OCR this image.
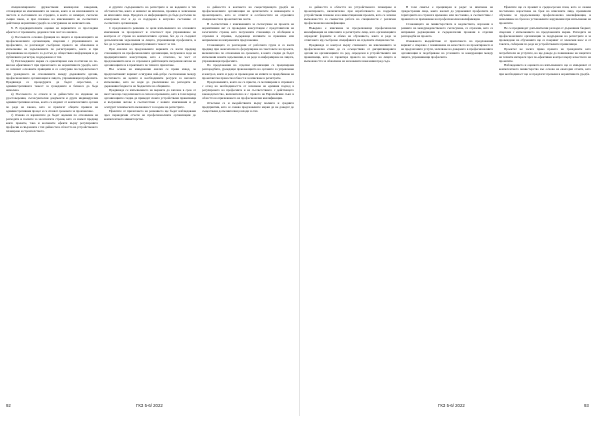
специализираните дружествени книжарски заведения, отговарящи на изискванията на закона, както и на изискванията за чистота и състоянието на сградите, в които се намират, съгласно същия закон, и при спазване на изискванията на съответната действаща нормативна уредба за осигуряване на наличието им.

8. В предварителните оценки на вариантите се проследява ефектът от промените, дадени в тази част на анализа.

а) Посочената основна функция на лицата и правомощията на професионалните организации, свързани с упражняването на професиите, се разглеждат съобразно правото на обжалване и изпълнение на задълженията по регистрацията, както и при упражняване на правото за достъп до обществена информация и до публичните регистри, поддържани от тях.

б) Разглежданите мерки са ориентирани към постигане на по-висока ефективност при прилагането на нормативната уредба, като се запазват основните принципи и се осигурява последователност при уреждането на отношенията между държавните органи, професионалните организации и лицата, упражняващи професията. Предвижда се процедурите да бъдат опростени, а административната тежест за гражданите и бизнеса да бъде намалена.

в) Посоченото се отнася и за дейностите по издаване на удостоверения, съгласувателни документи и други индивидуални административни актове, които се издават от компетентните органи по реда на закона, като се прилагат общите правила на административния процес и се спазват сроковете за произнасяне.

г) Очаква се вариантите да бъдат оценени по отношение на разходите и ползите за засегнатите страни, като се вземат предвид както преките, така и косвените ефекти върху регулираните професии и свързаните с тях дейности в областта на устройственото планиране и строителството.

и другите съдържанието на регистрите и на водените в тях обстоятелства, както и начинът на вписване, промяна и заличаване на вписаните лица. Предлага се информацията да бъде достъпна по електронен път и да се поддържа в актуално състояние от съответната организация.

С предложеното решение се цели изпълнението на основните изисквания за прозрачност и отчетност при упражняване на контрола от страна на компетентните органи, без да се създават допълнителни задължения за лицата, упражняващи професията, и без да се увеличава административната тежест за тях.

При анализа на предложените варианти са взети предвид становищата на професионалните организации, получени в хода на предварителните консултации, като е отчетено, че част от предложенията вече са отразени в действащите вътрешни актове на организациите и в практиката по тяхното прилагане.

Въз основа на извършения анализ се прави извод, че предпочитаният вариант осигурява най-добро съотношение между постигането на целите и необходимите ресурси за неговото изпълнение, като не води до увеличаване на разходите на държавния бюджет и на бюджетите на общините.

Предвижда се изпълнението на мерките да започне в срок от шест месеца след влизането в сила на промените, като в този период организациите следва да приведат своите устройствени правилници и вътрешни актове в съответствие с новите изисквания и да осигурят техническата възможност за водене на регистрите.

Ефектите от прилагането на решението ще бъдат наблюдавани чрез периодични отчети на професионалните организации до компетентното министерство.

за дейността в контекста на съществуващата уредба на професионалните организации на архитектите и инженерите в проектирането, като се отчитат и особеностите на отделните специалности и проектантски части.

В съответствие с изискванията за съгласуване на проекта на нормативния акт са проведени консултации с представители на засегнатите страни, като получените становища са обобщени и отразени в справка, съдържаща мотивите за приемане или неприемане на направените предложения.

Становищата са разгледани от работната група и са взети предвид при окончателното формулиране на текстовете на проекта, включително по отношение на сроковете, в които следва да бъдат изпълнени новите задължения, и на реда за информиране на лицата, упражняващи професията.

По предложения на отделни организации са прецизирани разпоредбите, уреждащи правомощията на органите за управление и контрол, както и реда за провеждане на изпити за придобиване на проектантска правоспособност и за вписване в регистрите.

Предложенията, които не са приети, са мотивирани в справката с оглед на необходимостта от запазване на единния подход в регулирането на професиите и на съответствието с действащото законодателство, включително и с правото на Европейския съюз в областта на признаването на професионални квалификации.

Отчетени са и въздействията върху малките и средните предприятия, като се очаква предложените мерки да не доведат до съществени допълнителни разходи за тях.

за дейността в областта на устройственото планиране и проектирането, включително при изработването на подробни устройствени планове и на инвестиционни проекти, като се запазва възможността за съвместна работа на специалисти с различна професионална квалификация.

Въведено е изискване за продължаваща професионална квалификация на вписаните в регистрите лица, като организациите определят формите и обема на обучението, както и реда за отчитането му, съобразно спецификата на отделните специалности.

Предвижда се контрол върху спазването на изискванията за професионална етика да се осъществява от дисциплинарните органи на организациите по ред, определен в устройствените им правилници, като се гарантира правото на защита на лицата и възможността за обжалване на наложените наказания пред съда.

В този смисъл е прецизиран и редът за вписване на чуждестранни лица, които желаят да упражняват професията на територията на страната временно или постоянно, в съответствие с правилата за признаване на професионални квалификации.

Становищата на министерствата и ведомствата, изразени в рамките на междуведомственото съгласуване, са отразени, като са направени редакционни и съдържателни промени в отделни разпоредби на проекта.

Очакваното въздействие от прилагането на предложения вариант е свързано с повишаване на качеството на проектирането и на предлаганите услуги, засилване на доверието в професионалните организации и подобряване на условията за конкуренция между лицата, упражняващи професията.

Ефектите ще се проявят в средносрочен план, като се очаква постепенно нарастване на броя на вписаните лица, преминали обучение за продължаваща професионална квалификация, и намаляване на броя на установените нарушения при изпълнение на проектите.

Не се предвиждат допълнителни разходи от държавния бюджет, свързани с изпълнението на предложените мерки. Разходите на професионалните организации за поддържане на регистрите и за провеждане на обученията ще се покриват от членския внос и от таксите, събирани по реда на устройствените правилници.

Проектът не засяга пряко правата на гражданите като потребители на услугите, но ще доведе до повишаване на защитата на техните интереси чрез по-ефективен контрол върху качеството на проектите.

Наблюдението и оценката на изпълнението ще се извършват от компетентното министерство въз основа на ежегодни отчети, като при необходимост ще се предлагат промени в нормативната уредба.

92	ГКЗ 5-6/ 2022	ГКЗ 5-6/ 2022	93
